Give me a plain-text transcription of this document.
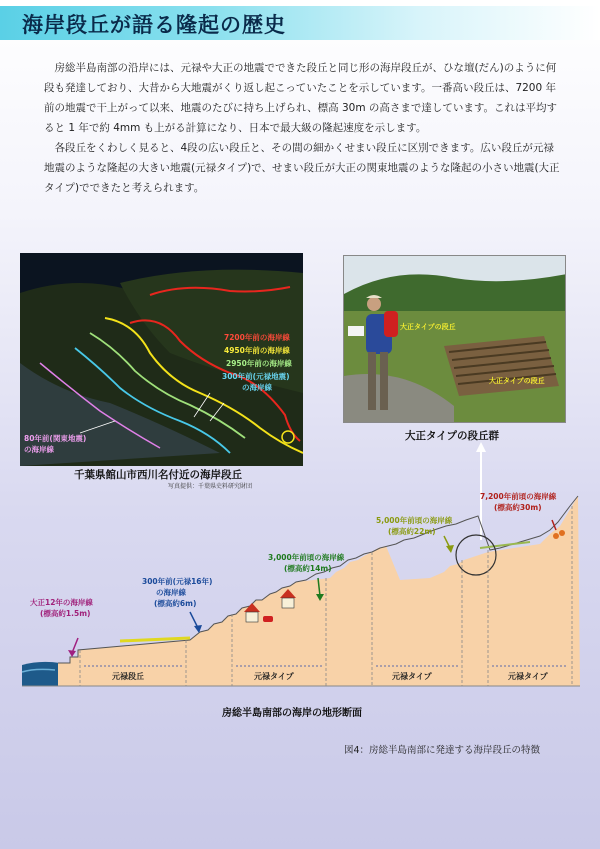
海岸段丘が語る隆起の歴史

房総半島南部の沿岸には、元禄や大正の地震でできた段丘と同じ形の海岸段丘が、ひな壇(だん)のように何段も発達しており、大昔から大地震がくり返し起こっていたことを示しています。一番高い段丘は、7200 年前の地震で干上がって以来、地震のたびに持ち上げられ、標高 30m の高さまで達しています。これは平均すると 1 年で約 4mm も上がる計算になり、日本で最大級の隆起速度を示します。

各段丘をくわしく見ると、4段の広い段丘と、その間の細かくせまい段丘に区別できます。広い段丘が元禄地震のような隆起の大きい地震(元禄タイプ)で、せまい段丘が大正の関東地震のような隆起の小さい地震(大正タイプ)でできたと考えられます。

7200年前の海岸線
4950年前の海岸線
2950年前の海岸線
300年前(元禄地震)
の海岸線
80年前(関東地震)
の海岸線
千葉県館山市西川名付近の海岸段丘
写真提供：千葉県史料研究財団
大正タイプの段丘
大正タイプの段丘
大正タイプの段丘群
大正12年の海岸線
(標高約1.5m)
300年前(元禄16年)
の海岸線
(標高約6m)
3,000年前頃の海岸線
(標高約14m)
5,000年前頃の海岸線
(標高約22m)
7,200年前頃の海岸線
(標高約30m)
元禄段丘	元禄タイプ	元禄タイプ	元禄タイプ
房総半島南部の海岸の地形断面
図4：房総半島南部に発達する海岸段丘の特徴
